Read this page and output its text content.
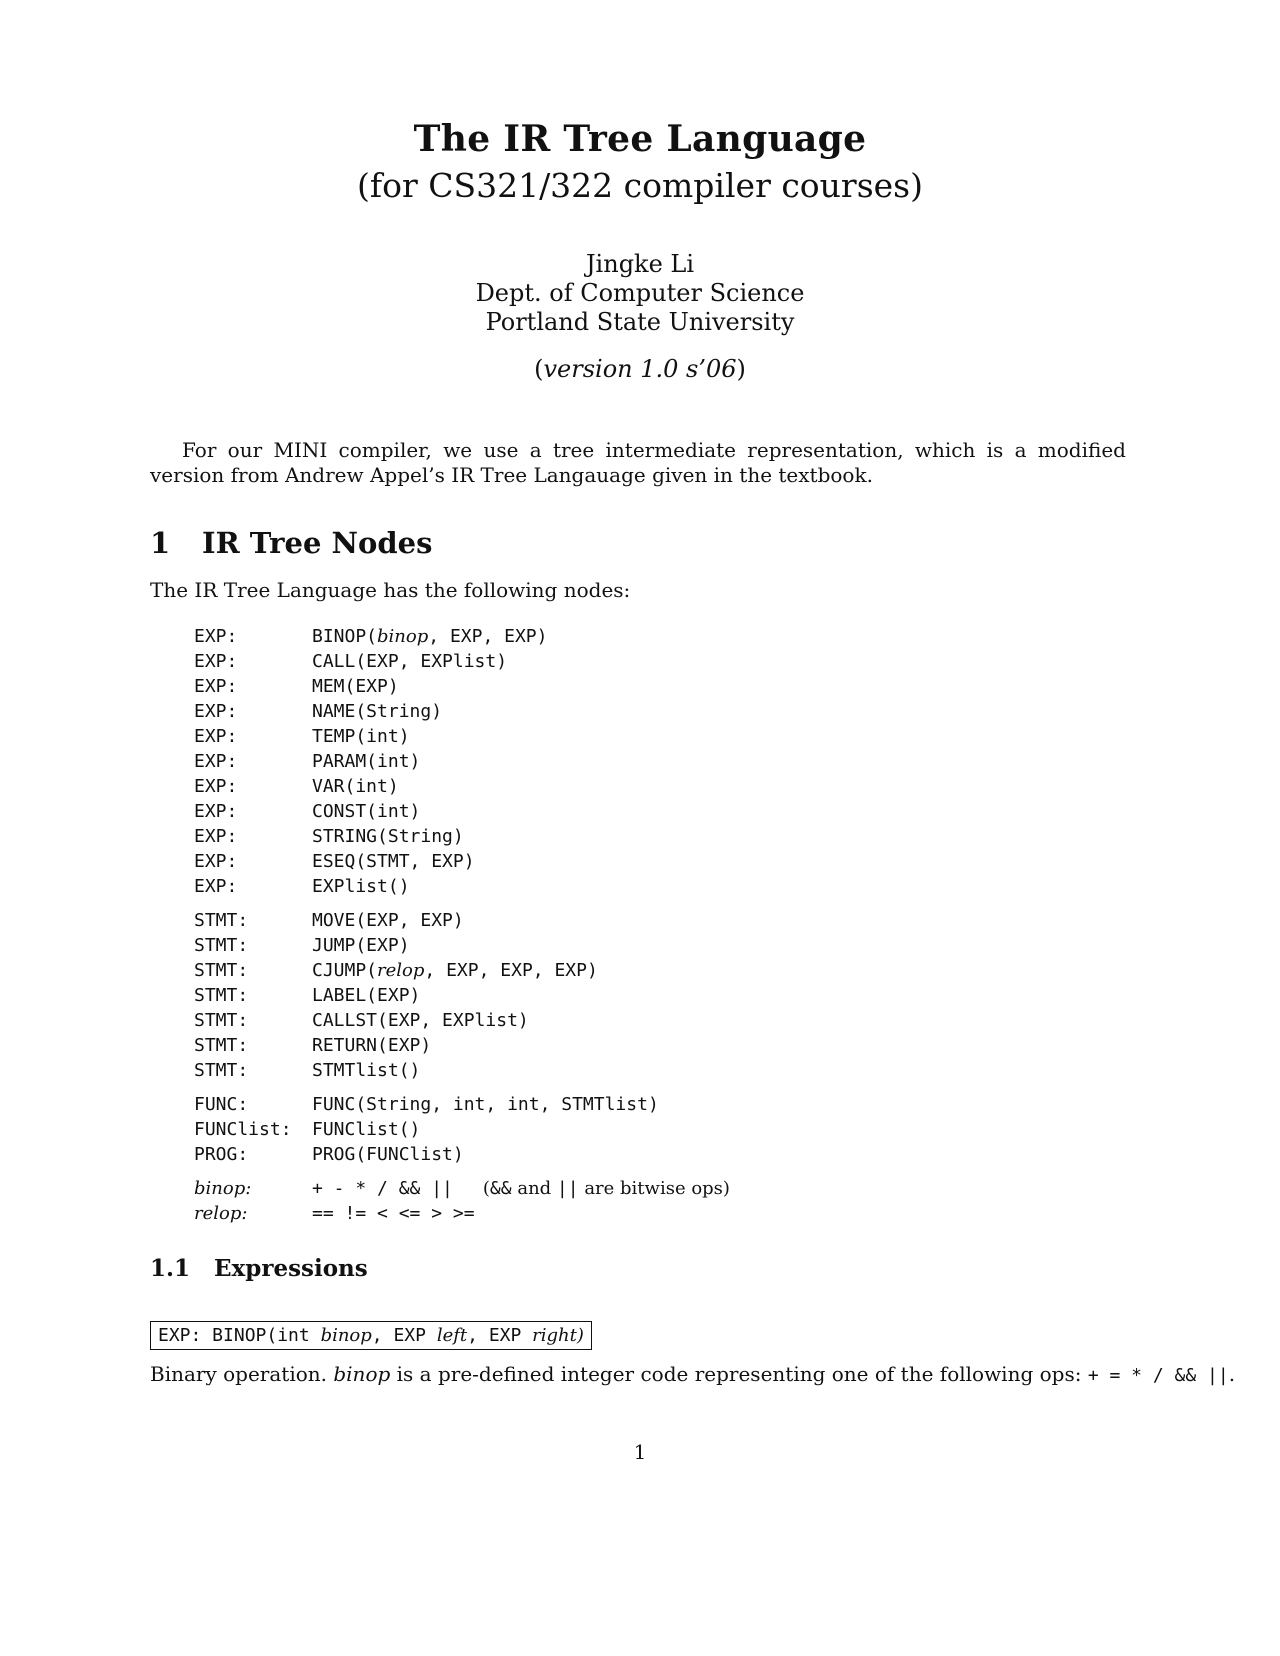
The IR Tree Language
(for CS321/322 compiler courses)
Jingke Li
Dept. of Computer Science
Portland State University
(version 1.0 s’06)

For our MINI compiler, we use a tree intermediate representation, which is a modified version from Andrew Appel’s IR Tree Langauage given in the textbook.

1 IR Tree Nodes

The IR Tree Language has the following nodes:

EXP:	BINOP(binop, EXP, EXP)
EXP:	CALL(EXP, EXPlist)
EXP:	MEM(EXP)
EXP:	NAME(String)
EXP:	TEMP(int)
EXP:	PARAM(int)
EXP:	VAR(int)
EXP:	CONST(int)
EXP:	STRING(String)
EXP:	ESEQ(STMT, EXP)
EXP:	EXPlist()
STMT:	MOVE(EXP, EXP)
STMT:	JUMP(EXP)
STMT:	CJUMP(relop, EXP, EXP, EXP)
STMT:	LABEL(EXP)
STMT:	CALLST(EXP, EXPlist)
STMT:	RETURN(EXP)
STMT:	STMTlist()
FUNC:	FUNC(String, int, int, STMTlist)
FUNClist: FUNClist()
PROG:	PROG(FUNClist)
binop:	+ - * / && || (&& and || are bitwise ops)
relop:	== != < <= > >=
1.1 Expressions
EXP: BINOP(int binop, EXP left, EXP right)

Binary operation. binop is a pre-defined integer code representing one of the following ops: + = * / && ||.

1
